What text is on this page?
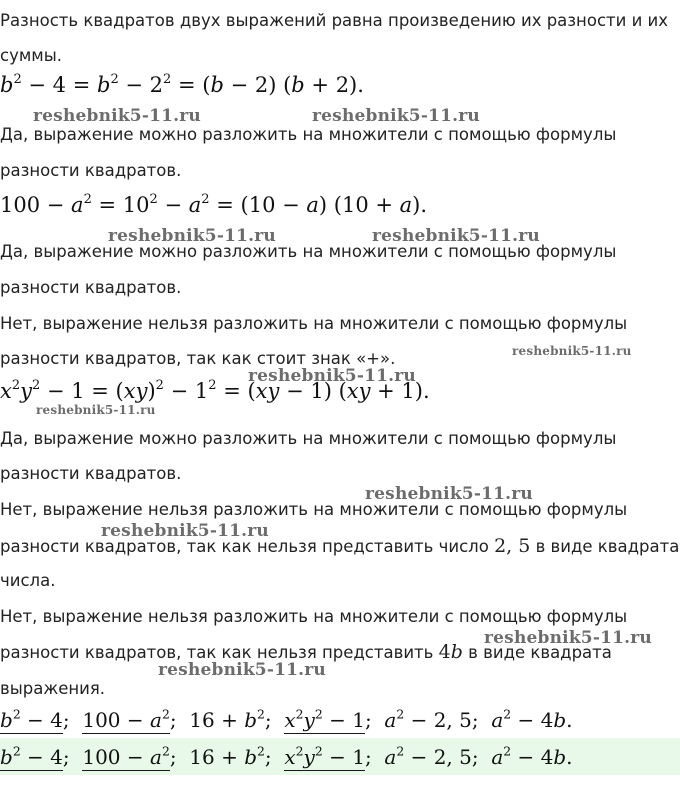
Разность квадратов двух выражений равна произведению их разности и их
суммы.
$b^2 - 4 = b^2 - 2^2 = (b - 2) (b + 2)$.
reshebnik5-11.ru	reshebnik5-11.ru
Да, выражение можно разложить на множители с помощью формулы
разности квадратов.
$100 - a^2 = 10^2 - a^2 = (10 - a) (10 + a)$.
reshebnik5-11.ru	reshebnik5-11.ru
Да, выражение можно разложить на множители с помощью формулы
разности квадратов.
Нет, выражение нельзя разложить на множители с помощью формулы
разности квадратов, так как стоит знак «+».	reshebnik5-11.ru
reshebnik5-11.ru
$x^2y^2 - 1 = (xy)^2 - 1^2 = (xy - 1) (xy + 1)$.
reshebnik5-11.ru
Да, выражение можно разложить на множители с помощью формулы
разности квадратов.
reshebnik5-11.ru
Нет, выражение нельзя разложить на множители с помощью формулы
reshebnik5-11.ru
разности квадратов, так как нельзя представить число 2, 5 в виде квадрата
числа.
Нет, выражение нельзя разложить на множители с помощью формулы
reshebnik5-11.ru
разности квадратов, так как нельзя представить 4b в виде квадрата
reshebnik5-11.ru
выражения.
$b^2 - 4$;  $100 - a^2$;  $16 + b^2$;  $x^2y^2 - 1$;  $a^2 - 2$, 5;  $a^2 - 4b$.
$b^2 - 4$;  $100 - a^2$;  $16 + b^2$;  $x^2y^2 - 1$;  $a^2 - 2$, 5;  $a^2 - 4b$.
